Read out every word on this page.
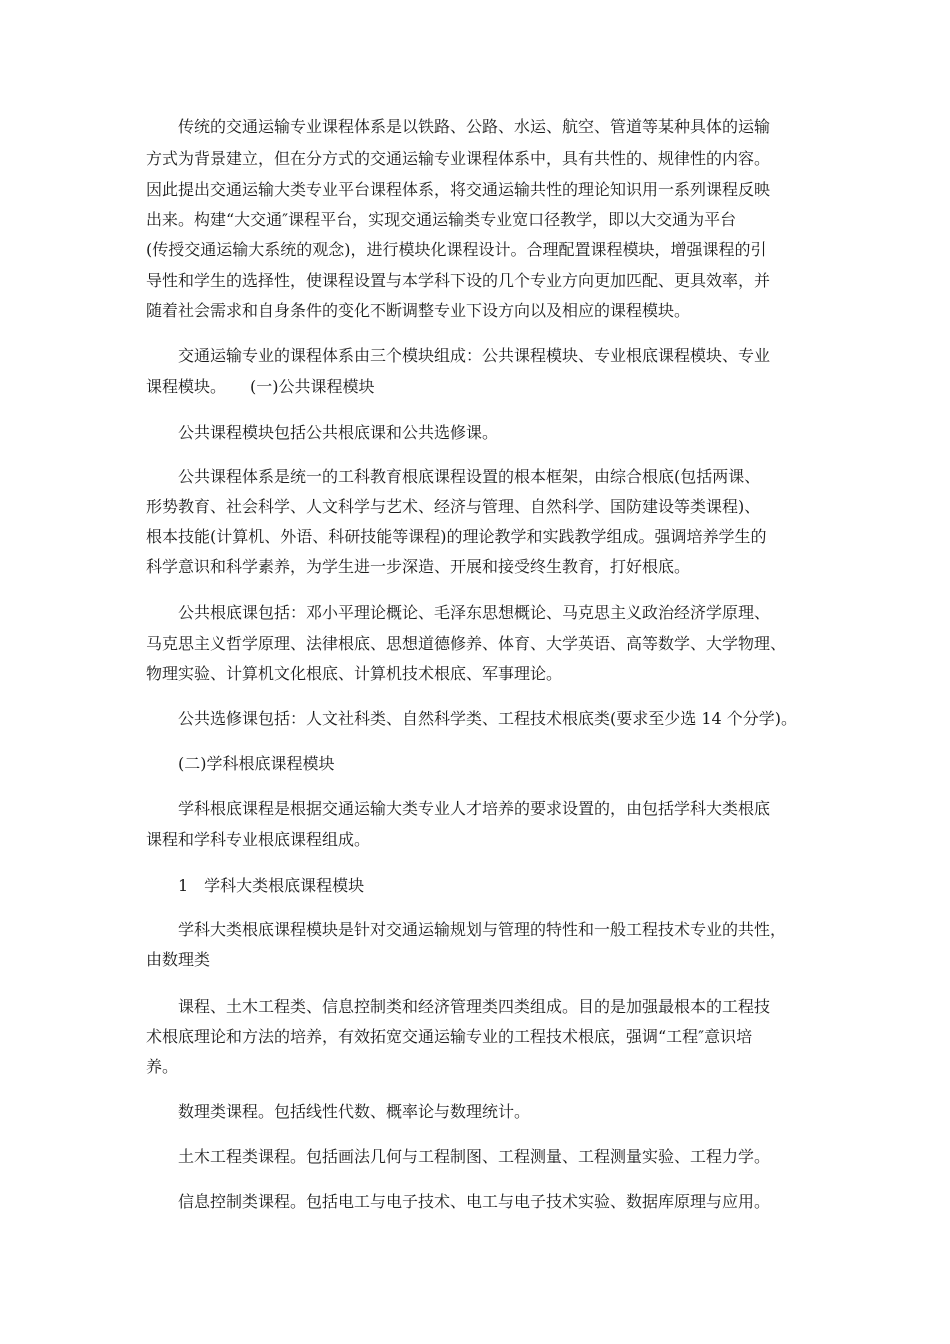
传统的交通运输专业课程体系是以铁路、公路、水运、航空、管道等某种具体的运输
方式为背景建立，但在分方式的交通运输专业课程体系中，具有共性的、规律性的内容。
因此提出交通运输大类专业平台课程体系，将交通运输共性的理论知识用一系列课程反映
出来。构建“大交通″课程平台，实现交通运输类专业宽口径教学，即以大交通为平台
(传授交通运输大系统的观念)，进行模块化课程设计。合理配置课程模块，增强课程的引
导性和学生的选择性，使课程设置与本学科下设的几个专业方向更加匹配、更具效率，并
随着社会需求和自身条件的变化不断调整专业下设方向以及相应的课程模块。
交通运输专业的课程体系由三个模块组成：公共课程模块、专业根底课程模块、专业
课程模块。　　(一)公共课程模块
公共课程模块包括公共根底课和公共选修课。
公共课程体系是统一的工科教育根底课程设置的根本框架，由综合根底(包括两课、
形势教育、社会科学、人文科学与艺术、经济与管理、自然科学、国防建设等类课程)、
根本技能(计算机、外语、科研技能等课程)的理论教学和实践教学组成。强调培养学生的
科学意识和科学素养，为学生进一步深造、开展和接受终生教育，打好根底。
公共根底课包括：邓小平理论概论、毛泽东思想概论、马克思主义政治经济学原理、
马克思主义哲学原理、法律根底、思想道德修养、体育、大学英语、高等数学、大学物理、
物理实验、计算机文化根底、计算机技术根底、军事理论。
公共选修课包括：人文社科类、自然科学类、工程技术根底类(要求至少选 14 个分学)。
(二)学科根底课程模块
学科根底课程是根据交通运输大类专业人才培养的要求设置的，由包括学科大类根底
课程和学科专业根底课程组成。
1　学科大类根底课程模块
学科大类根底课程模块是针对交通运输规划与管理的特性和一般工程技术专业的共性，
由数理类
课程、土木工程类、信息控制类和经济管理类四类组成。目的是加强最根本的工程技
术根底理论和方法的培养，有效拓宽交通运输专业的工程技术根底，强调“工程″意识培
养。
数理类课程。包括线性代数、概率论与数理统计。
土木工程类课程。包括画法几何与工程制图、工程测量、工程测量实验、工程力学。
信息控制类课程。包括电工与电子技术、电工与电子技术实验、数据库原理与应用。
